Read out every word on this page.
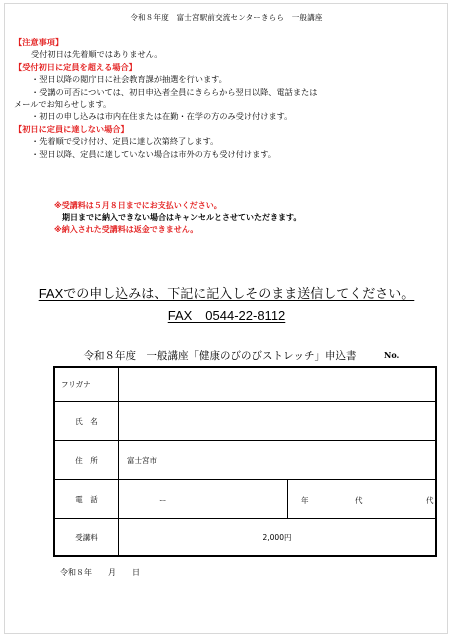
令和８年度　富士宮駅前交流センターきらら　一般講座
【注意事項】
受付初日は先着順ではありません。
【受付初日に定員を超える場合】
・翌日以降の閲庁日に社会教育課が抽選を行います。
・受講の可否については、初日申込者全員にきららから翌日以降、電話または
メールでお知らせします。
・初日の申し込みは市内在住または在勤・在学の方のみ受け付けます。
【初日に定員に達しない場合】
・先着順で受け付け、定員に達し次第終了します。
・翌日以降、定員に達していない場合は市外の方も受け付けます。
※受講料は５月８日までにお支払いください。
期日までに納入できない場合はキャンセルとさせていただきます。
※納入された受講料は返金できません。
FAXでの申し込みは、下記に記入しそのまま送信してください。
FAX　0544-22-8112
令和８年度　一般講座「健康のびのびストレッチ」申込書	No.
フリガナ		
氏　名		
住　所	富士宮市	
電　話	ー	年 代 代

受講料	2,000円	
令和８年　　月　　日
